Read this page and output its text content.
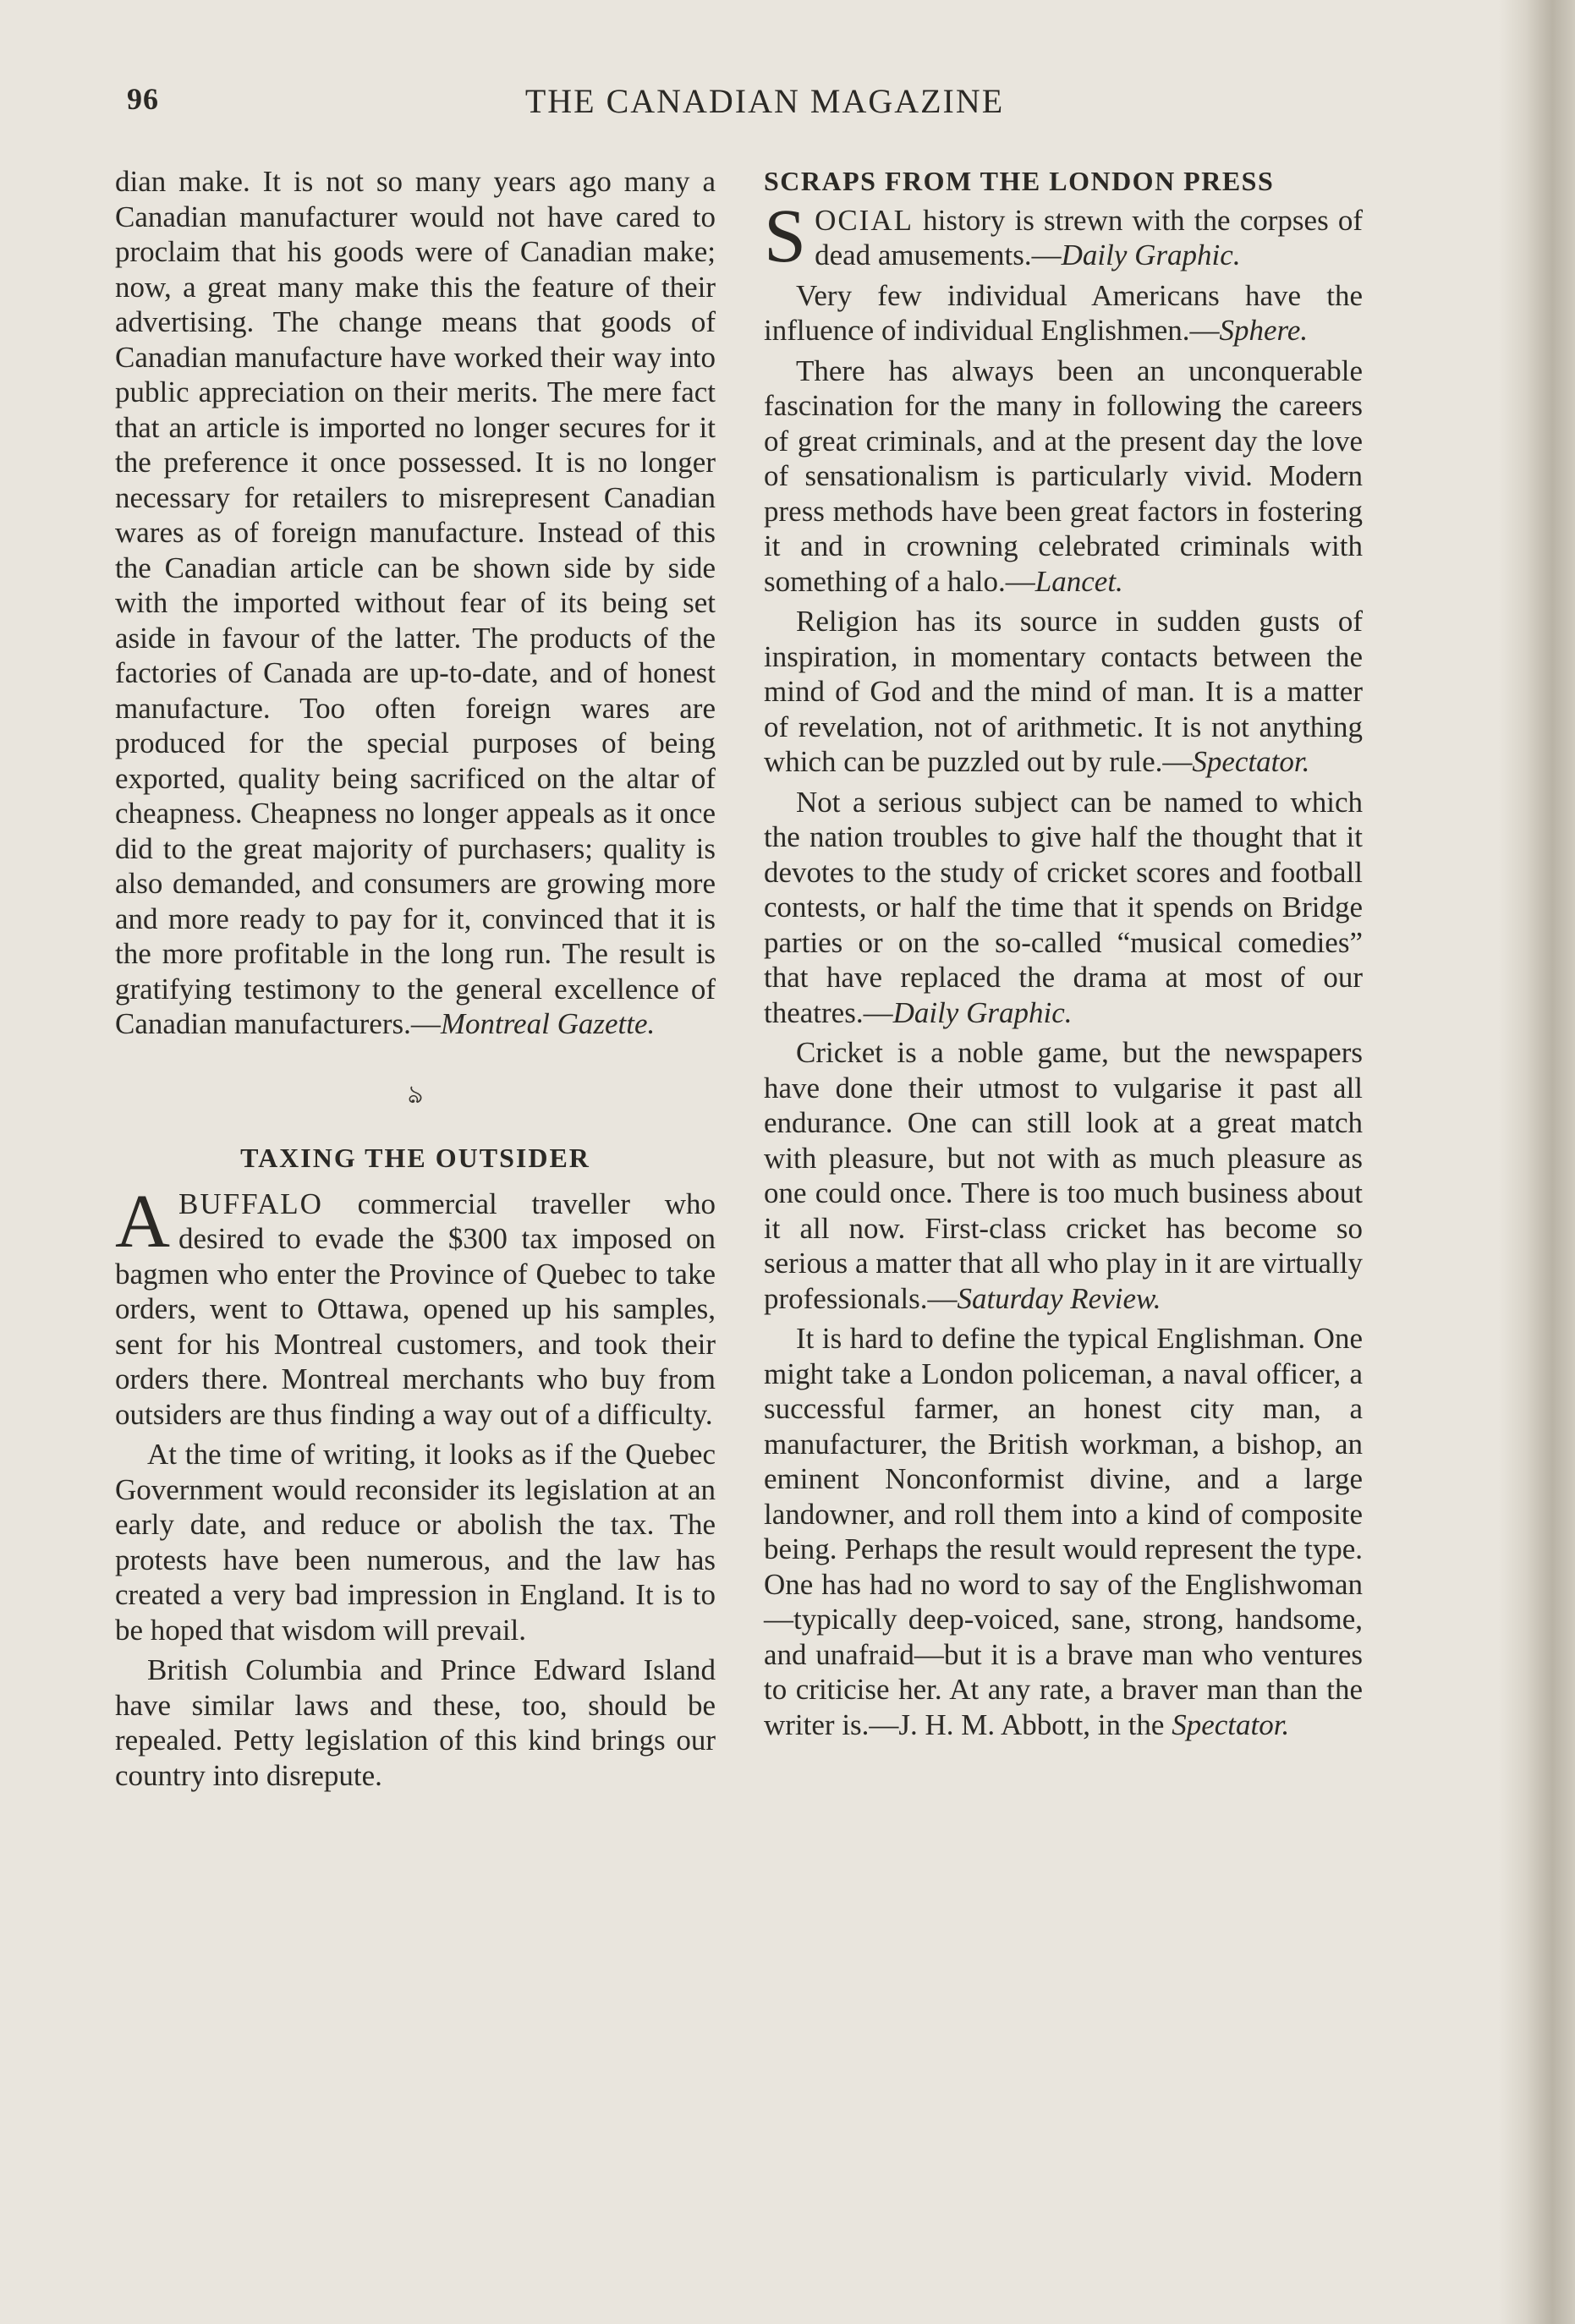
96	THE CANADIAN MAGAZINE

dian make. It is not so many years ago many a Canadian manufacturer would not have cared to proclaim that his goods were of Canadian make; now, a great many make this the feature of their advertising. The change means that goods of Canadian manufacture have worked their way into public appreciation on their merits. The mere fact that an article is imported no longer secures for it the preference it once possessed. It is no longer necessary for retailers to misrepresent Canadian wares as of foreign manufacture. Instead of this the Canadian article can be shown side by side with the imported without fear of its being set aside in favour of the latter. The products of the factories of Canada are up-to-date, and of honest manufacture. Too often foreign wares are produced for the special purposes of being exported, quality being sacrificed on the altar of cheapness. Cheapness no longer appeals as it once did to the great majority of purchasers; quality is also demanded, and consumers are growing more and more ready to pay for it, convinced that it is the more profitable in the long run. The result is gratifying testimony to the general excellence of Canadian manufacturers.—Montreal Gazette.

ঌ
TAXING THE OUTSIDER

ABUFFALO commercial traveller who desired to evade the $300 tax imposed on bagmen who enter the Province of Quebec to take orders, went to Ottawa, opened up his samples, sent for his Montreal customers, and took their orders there. Montreal merchants who buy from outsiders are thus finding a way out of a difficulty.

At the time of writing, it looks as if the Quebec Government would reconsider its legislation at an early date, and reduce or abolish the tax. The protests have been numerous, and the law has created a very bad impression in England. It is to be hoped that wisdom will prevail.

British Columbia and Prince Edward Island have similar laws and these, too, should be repealed. Petty legislation of this kind brings our country into disrepute.

SCRAPS FROM THE LONDON PRESS

SOCIAL history is strewn with the corpses of dead amusements.—Daily Graphic.

Very few individual Americans have the influence of individual Englishmen.—Sphere.

There has always been an unconquerable fascination for the many in following the careers of great criminals, and at the present day the love of sensationalism is particularly vivid. Modern press methods have been great factors in fostering it and in crowning celebrated criminals with something of a halo.—Lancet.

Religion has its source in sudden gusts of inspiration, in momentary contacts between the mind of God and the mind of man. It is a matter of revelation, not of arithmetic. It is not anything which can be puzzled out by rule.—Spectator.

Not a serious subject can be named to which the nation troubles to give half the thought that it devotes to the study of cricket scores and football contests, or half the time that it spends on Bridge parties or on the so-called “musical comedies” that have replaced the drama at most of our theatres.—Daily Graphic.

Cricket is a noble game, but the newspapers have done their utmost to vulgarise it past all endurance. One can still look at a great match with pleasure, but not with as much pleasure as one could once. There is too much business about it all now. First-class cricket has become so serious a matter that all who play in it are virtually professionals.—Saturday Review.

It is hard to define the typical Englishman. One might take a London policeman, a naval officer, a successful farmer, an honest city man, a manufacturer, the British workman, a bishop, an eminent Nonconformist divine, and a large landowner, and roll them into a kind of composite being. Perhaps the result would represent the type. One has had no word to say of the Englishwoman—typically deep-voiced, sane, strong, handsome, and unafraid—but it is a brave man who ventures to criticise her. At any rate, a braver man than the writer is.—J. H. M. Abbott, in the Spectator.
